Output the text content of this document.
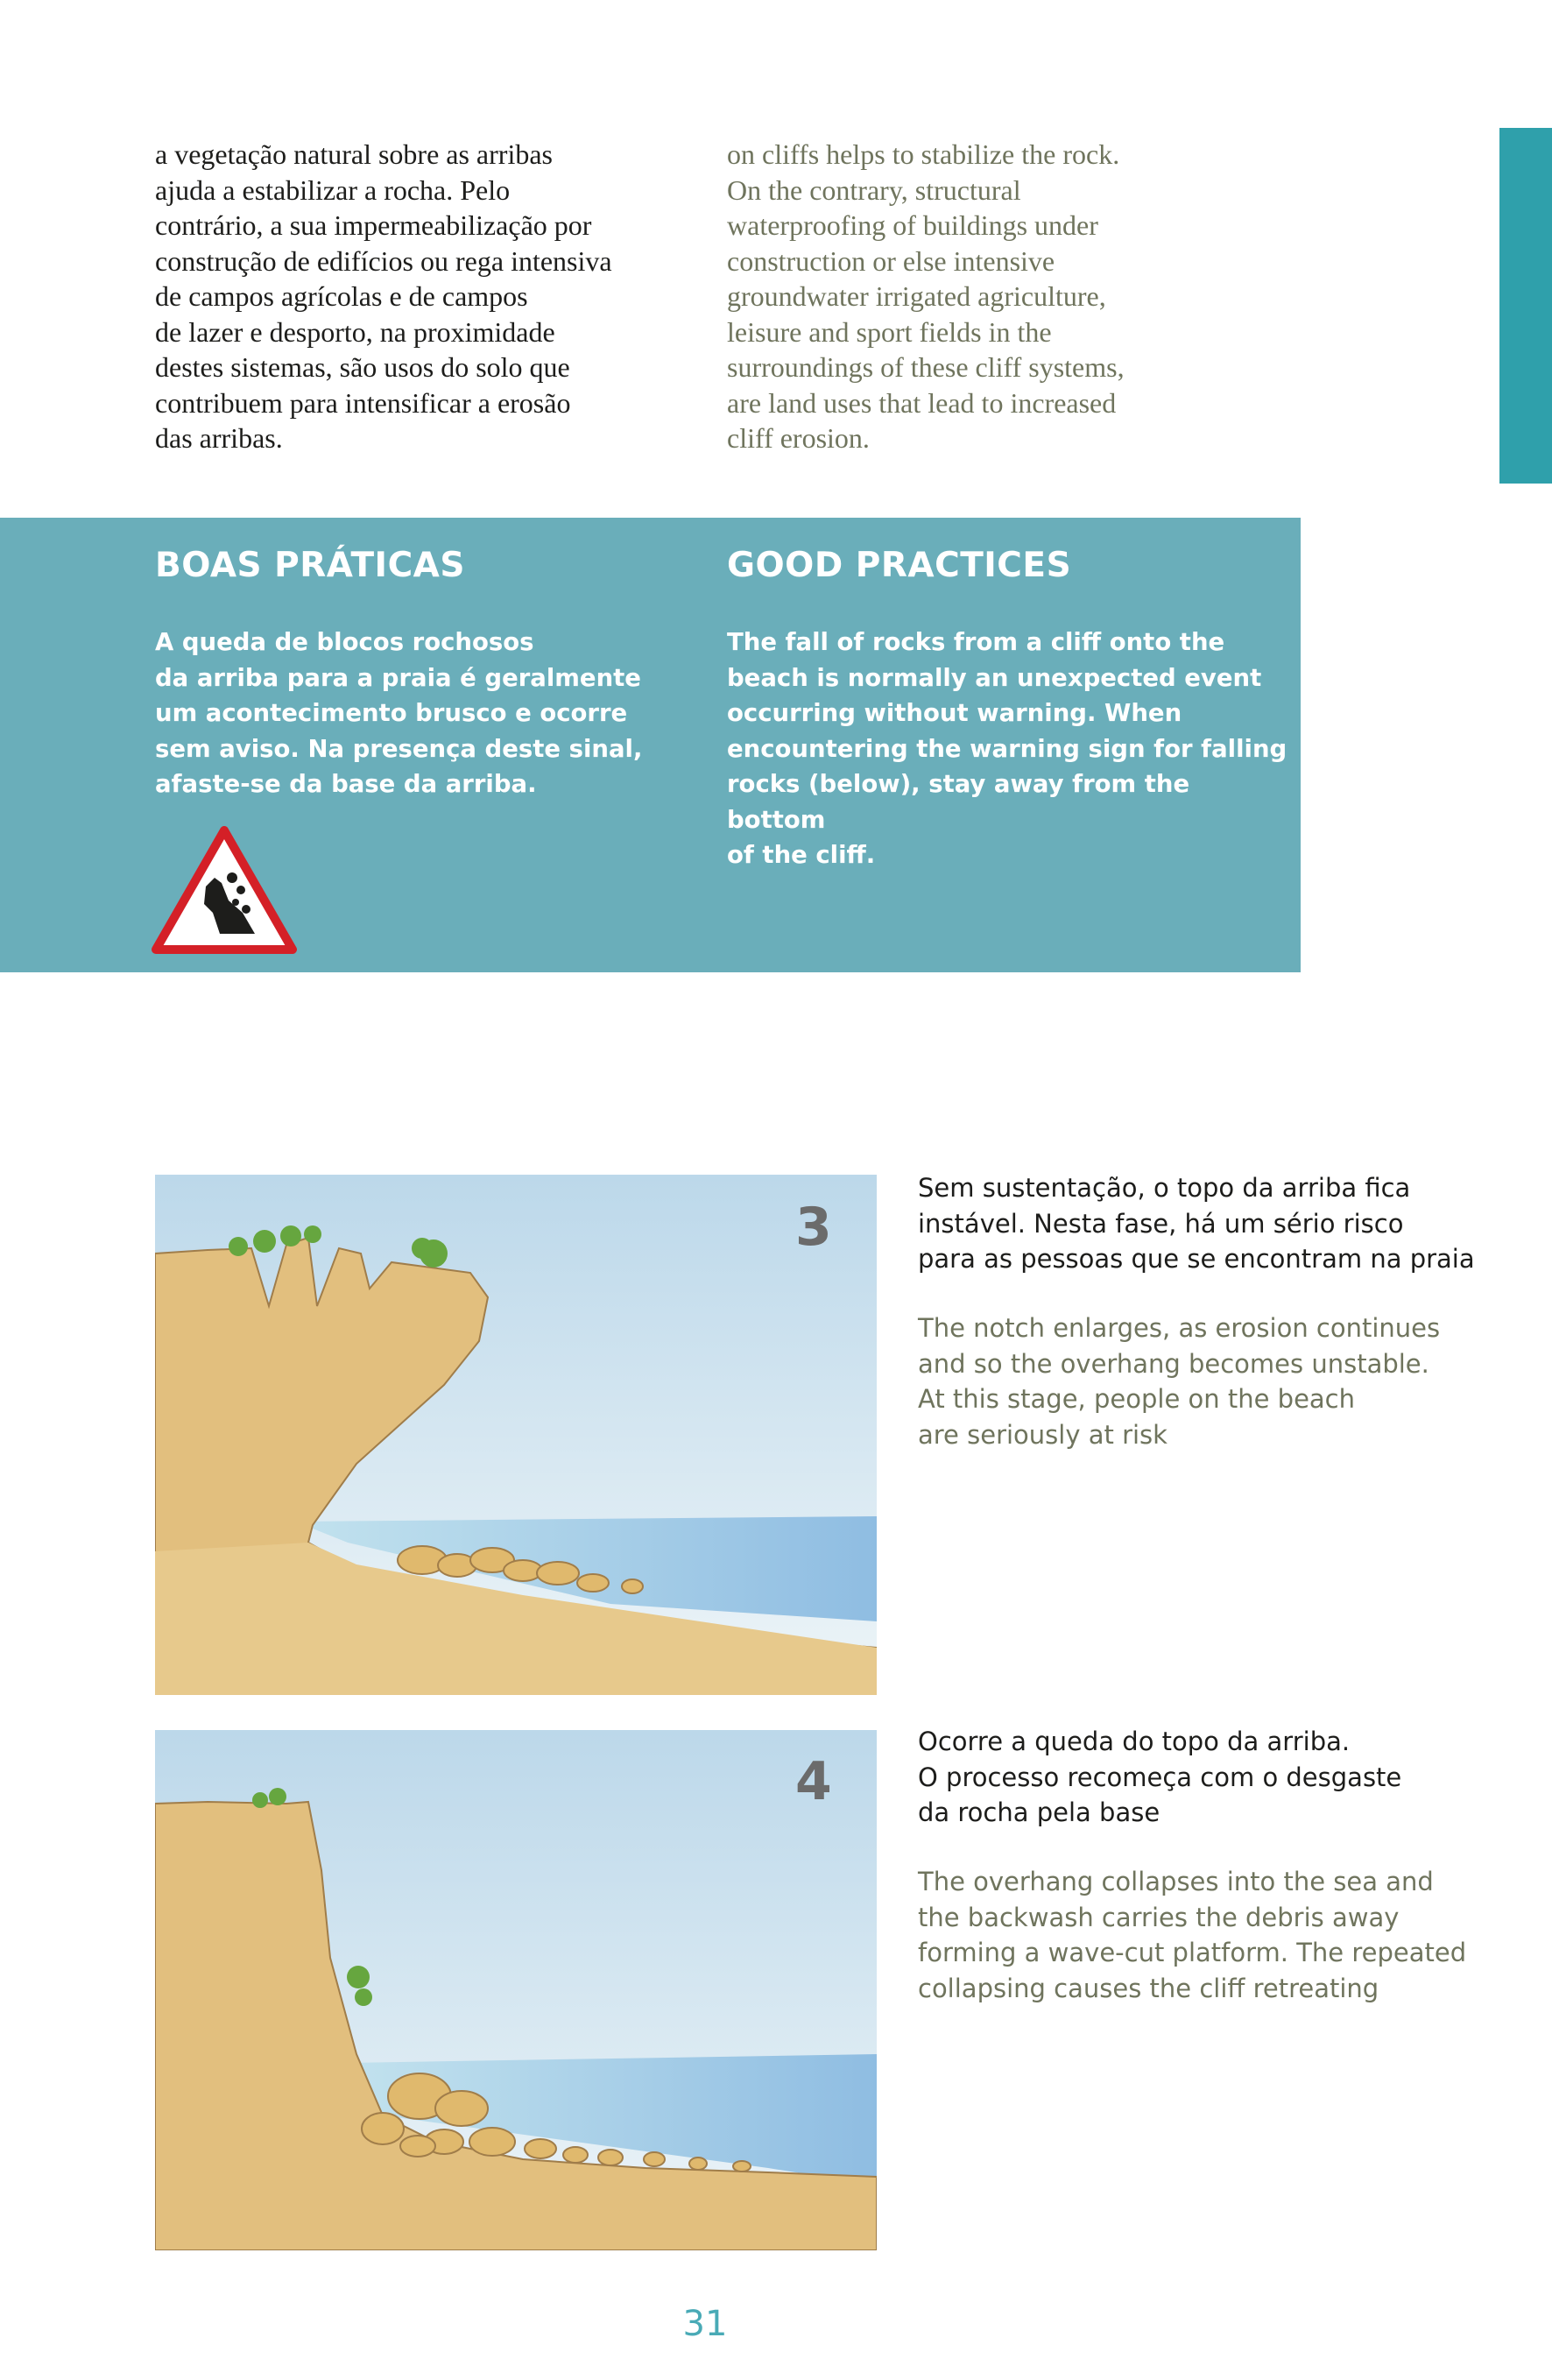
a vegetação natural sobre as arribas
ajuda a estabilizar a rocha. Pelo
contrário, a sua impermeabilização por
construção de edifícios ou rega intensiva
de campos agrícolas e de campos
de lazer e desporto, na proximidade
destes sistemas, são usos do solo que
contribuem para intensificar a erosão
das arribas.

on cliffs helps to stabilize the rock.
On the contrary, structural
waterproofing of buildings under
construction or else intensive
groundwater irrigated agriculture,
leisure and sport fields in the
surroundings of these cliff systems,
are land uses that lead to increased
cliff erosion.

BOAS PRÁTICAS	GOOD PRACTICES

A queda de blocos rochosos
da arriba para a praia é geralmente
um acontecimento brusco e ocorre
sem aviso. Na presença deste sinal,
afaste-se da base da arriba.

The fall of rocks from a cliff onto the
beach is normally an unexpected event
occurring without warning. When
encountering the warning sign for falling
rocks (below), stay away from the bottom
of the cliff.

3

Sem sustentação, o topo da arriba fica
instável. Nesta fase, há um sério risco
para as pessoas que se encontram na praia

The notch enlarges, as erosion continues
and so the overhang becomes unstable.
At this stage, people on the beach
are seriously at risk

4

Ocorre a queda do topo da arriba.
O processo recomeça com o desgaste
da rocha pela base

The overhang collapses into the sea and
the backwash carries the debris away
forming a wave-cut platform. The repeated
collapsing causes the cliff retreating

31
